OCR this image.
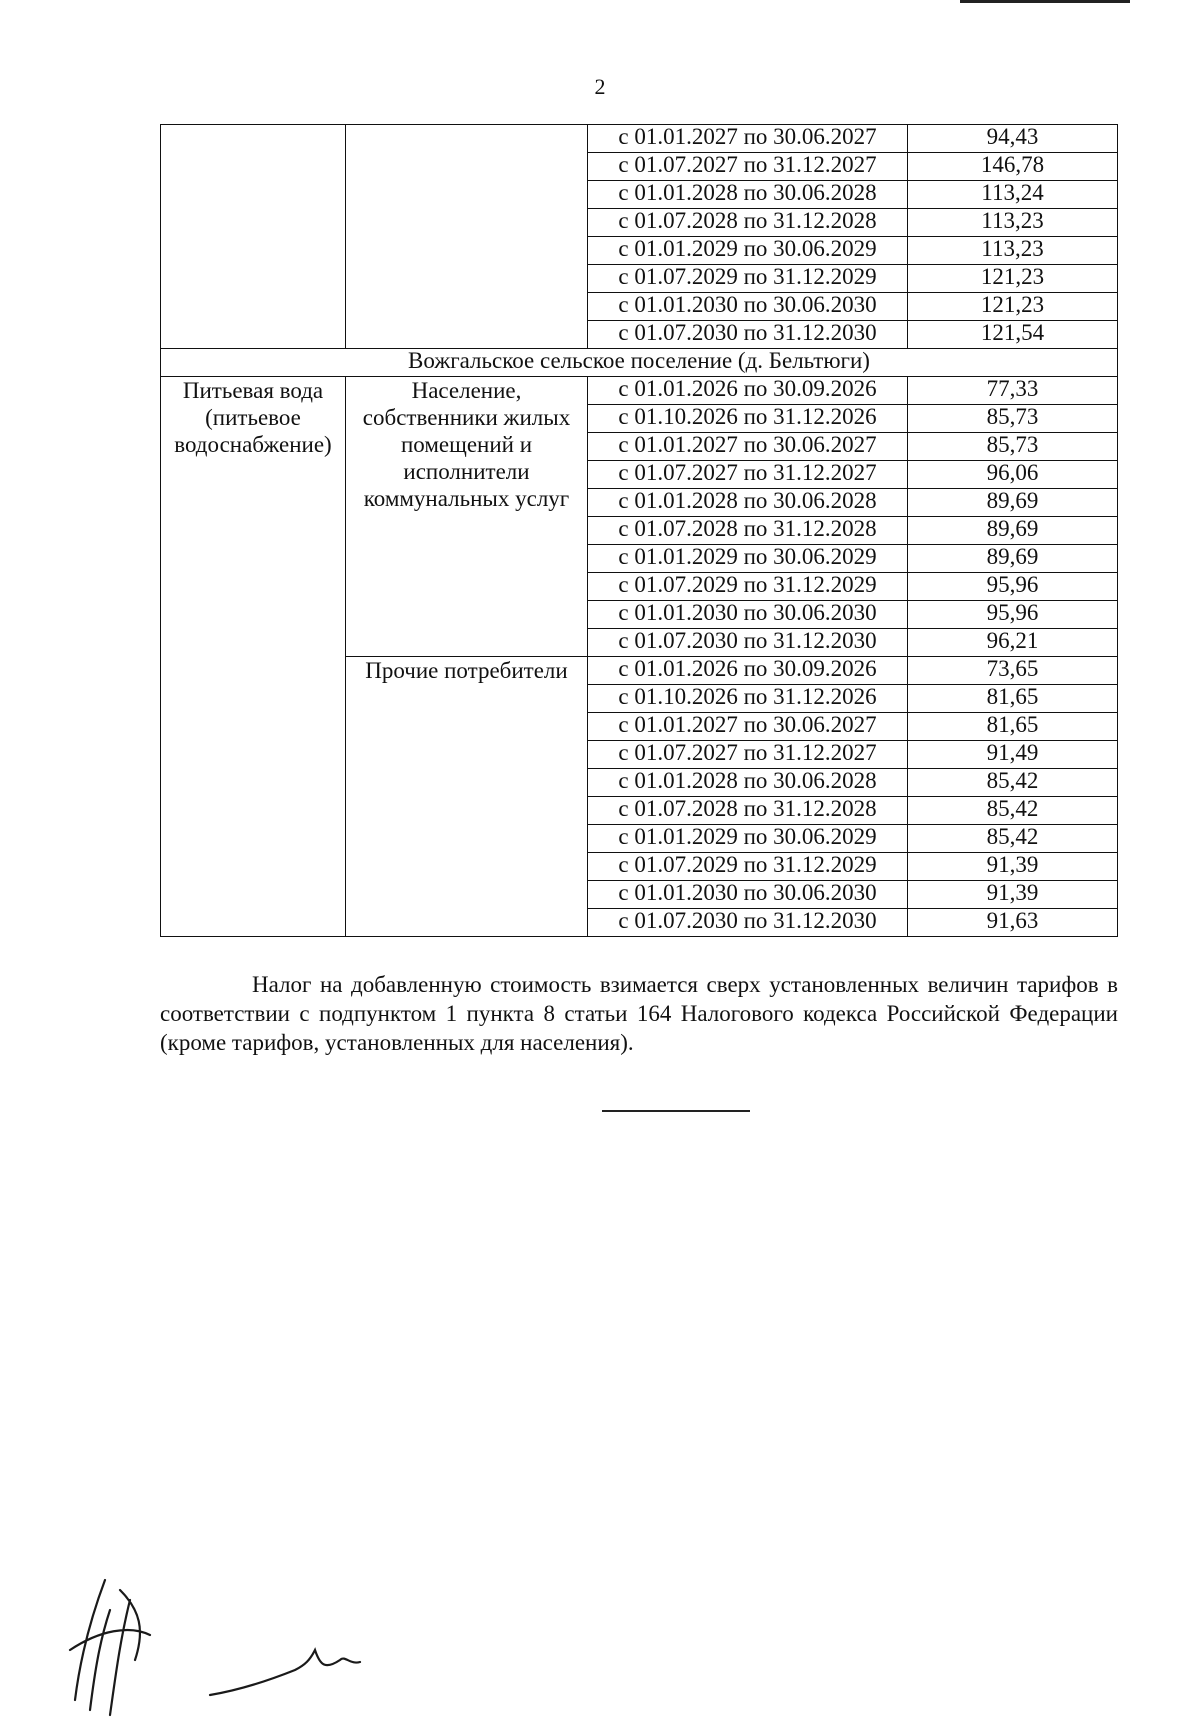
2
		с 01.01.2027 по 30.06.2027	94,43
		с 01.07.2027 по 31.12.2027	146,78
		с 01.01.2028 по 30.06.2028	113,24
		с 01.07.2028 по 31.12.2028	113,23
		с 01.01.2029 по 30.06.2029	113,23
		с 01.07.2029 по 31.12.2029	121,23
		с 01.01.2030 по 30.06.2030	121,23
		с 01.07.2030 по 31.12.2030	121,54
Вожгальское сельское поселение (д. Бельтюги)			
Питьевая вода (питьевое водоснабжение)	Население, собственники жилых помещений и исполнители коммунальных услуг	с 01.01.2026 по 30.09.2026	77,33
		с 01.10.2026 по 31.12.2026	85,73
		с 01.01.2027 по 30.06.2027	85,73
		с 01.07.2027 по 31.12.2027	96,06
		с 01.01.2028 по 30.06.2028	89,69
		с 01.07.2028 по 31.12.2028	89,69
		с 01.01.2029 по 30.06.2029	89,69
		с 01.07.2029 по 31.12.2029	95,96
		с 01.01.2030 по 30.06.2030	95,96
		с 01.07.2030 по 31.12.2030	96,21
	Прочие потребители	с 01.01.2026 по 30.09.2026	73,65
		с 01.10.2026 по 31.12.2026	81,65
		с 01.01.2027 по 30.06.2027	81,65
		с 01.07.2027 по 31.12.2027	91,49
		с 01.01.2028 по 30.06.2028	85,42
		с 01.07.2028 по 31.12.2028	85,42
		с 01.01.2029 по 30.06.2029	85,42
		с 01.07.2029 по 31.12.2029	91,39
		с 01.01.2030 по 30.06.2030	91,39
		с 01.07.2030 по 31.12.2030	91,63
Налог на добавленную стоимость взимается сверх установленных величин тарифов в соответствии с подпунктом 1 пункта 8 статьи 164 Налогового кодекса Российской Федерации (кроме тарифов, установленных для населения).
